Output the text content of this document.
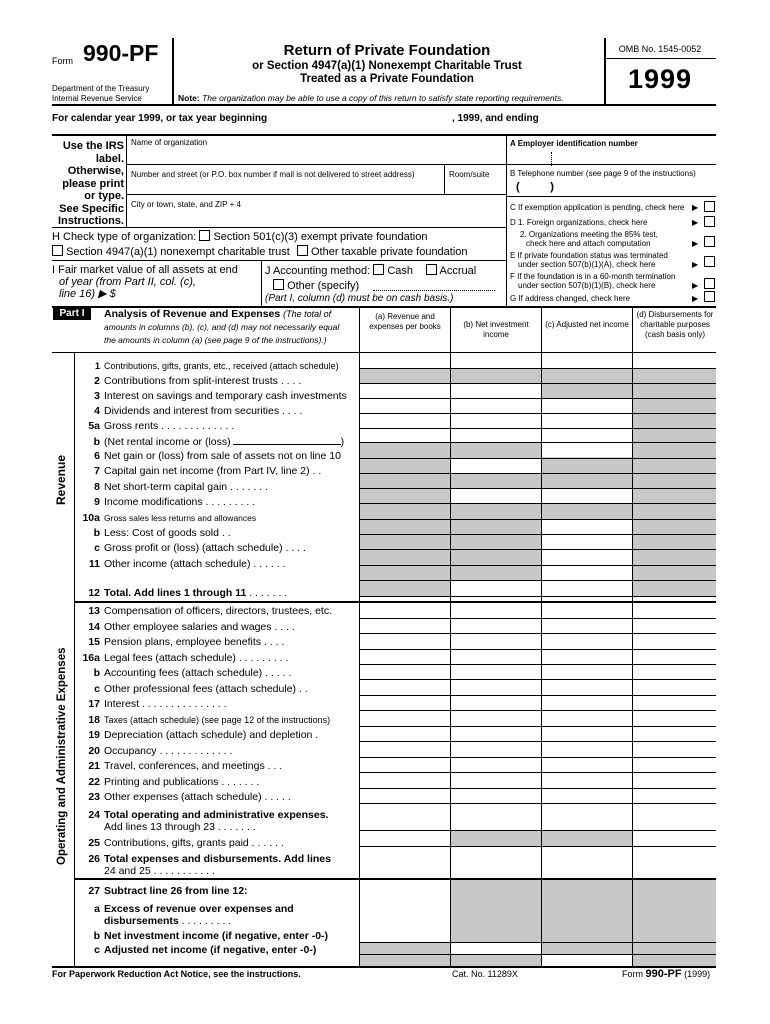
Form 990-PF
Department of the Treasury
Internal Revenue Service
Return of Private Foundation
or Section 4947(a)(1) Nonexempt Charitable Trust
Treated as a Private Foundation
Note: The organization may be able to use a copy of this return to satisfy state reporting requirements.
OMB No. 1545-0052
1999
For calendar year 1999, or tax year beginning	, 1999, and ending
Use the IRS
label.
Otherwise,
please print
or type.
See Specific
Instructions.
Name of organization
Number and street (or P.O. box number if mail is not delivered to street address)	Room/suite
City or town, state, and ZIP + 4
A Employer identification number
B Telephone number (see page 9 of the instructions)
(          )
C If exemption application is pending, check here ▶
D 1. Foreign organizations, check here	▶
2. Organizations meeting the 85% test,
check here and attach computation	▶
E If private foundation status was terminated
under section 507(b)(1)(A), check here	▶
F If the foundation is in a 60-month termination
under section 507(b)(1)(B), check here	▶
G If address changed, check here	▶
H Check type of organization: Section 501(c)(3) exempt private foundation
Section 4947(a)(1) nonexempt charitable trust Other taxable private foundation
I Fair market value of all assets at end
of year (from Part II, col. (c),
line 16) ▶ $
J Accounting method: Cash Accrual
Other (specify)
(Part I, column (d) must be on cash basis.)
Part I	Analysis of Revenue and Expenses (The total of
amounts in columns (b), (c), and (d) may not necessarily equal
the amounts in column (a) (see page 9 of the instructions).)
(a) Revenue and expenses per books	(b) Net investment income
(c) Adjusted net income
(d) Disbursements for charitable purposes (cash basis only)
Revenue
Operating and Administrative Expenses
1 Contributions, gifts, grants, etc., received (attach schedule)
2 Contributions from split-interest trusts . . . .
3 Interest on savings and temporary cash investments
4 Dividends and interest from securities . . . .
5a Gross rents . . . . . . . . . . . . .
b (Net rental income or (loss)	)
6 Net gain or (loss) from sale of assets not on line 10
7 Capital gain net income (from Part IV, line 2) . .
8 Net short-term capital gain . . . . . . .
9 Income modifications . . . . . . . . .
10a Gross sales less returns and allowances
b Less: Cost of goods sold . .
c Gross profit or (loss) (attach schedule) . . . .
11 Other income (attach schedule) . . . . . .
12 Total. Add lines 1 through 11 . . . . . . .
13 Compensation of officers, directors, trustees, etc.
14 Other employee salaries and wages . . . .
15 Pension plans, employee benefits . . . .
16a Legal fees (attach schedule) . . . . . . . . .
b Accounting fees (attach schedule) . . . . .
c Other professional fees (attach schedule) . .
17 Interest . . . . . . . . . . . . . . .
18 Taxes (attach schedule) (see page 12 of the instructions)
19 Depreciation (attach schedule) and depletion .
20 Occupancy . . . . . . . . . . . . .
21 Travel, conferences, and meetings . . .
22 Printing and publications . . . . . . .
23 Other expenses (attach schedule) . . . . .
24 Total operating and administrative expenses.
Add lines 13 through 23 . . . . . . .
25 Contributions, gifts, grants paid . . . . . .
26 Total expenses and disbursements. Add lines
24 and 25 . . . . . . . . . . .
27 Subtract line 26 from line 12:
a Excess of revenue over expenses and
disbursements . . . . . . . . .
b Net investment income (if negative, enter -0-)
c Adjusted net income (if negative, enter -0-)
For Paperwork Reduction Act Notice, see the instructions.	Cat. No. 11289X	Form 990-PF (1999)
